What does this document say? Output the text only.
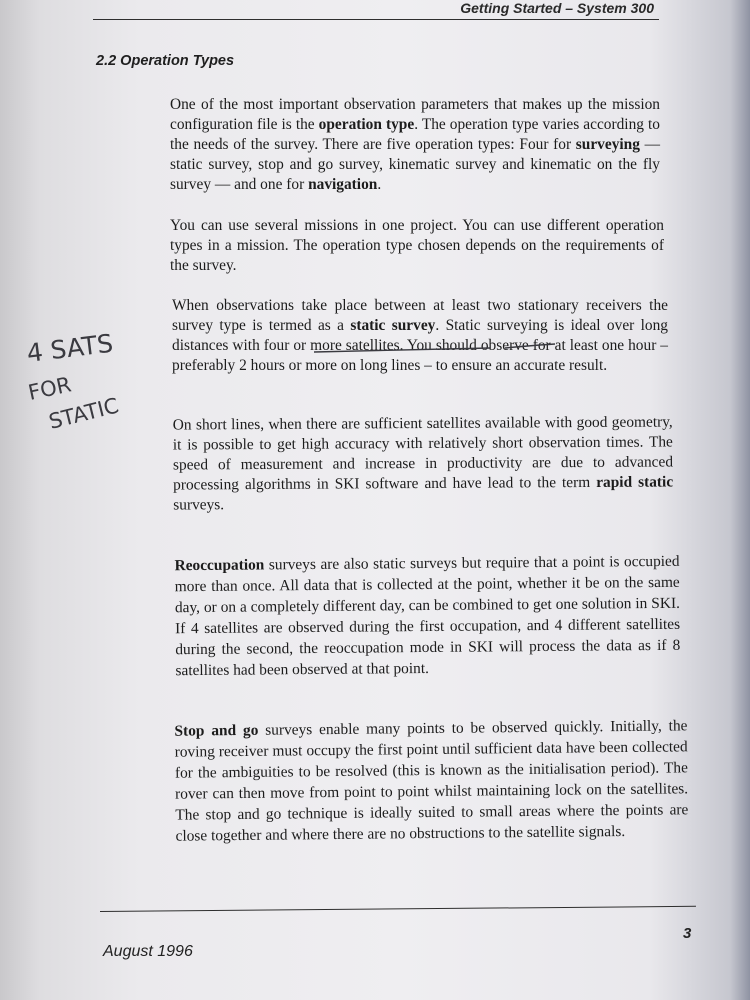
Getting Started – System 300
2.2 Operation Types
One of the most important observation parameters that makes up the mission configuration file is the operation type. The operation type varies according to the needs of the survey. There are five operation types: Four for surveying — static survey, stop and go survey, kinematic survey and kinematic on the fly survey — and one for navigation.
You can use several missions in one project. You can use different operation types in a mission. The operation type chosen depends on the requirements of the survey.
When observations take place between at least two stationary receivers the survey type is termed as a static survey. Static surveying is ideal over long distances with four or more satellites. You should observe for at least one hour – preferably 2 hours or more on long lines – to ensure an accurate result.
On short lines, when there are sufficient satellites available with good geometry, it is possible to get high accuracy with relatively short observation times. The speed of measurement and increase in productivity are due to advanced processing algorithms in SKI software and have lead to the term rapid static surveys.
Reoccupation surveys are also static surveys but require that a point is occupied more than once. All data that is collected at the point, whether it be on the same day, or on a completely different day, can be combined to get one solution in SKI. If 4 satellites are observed during the first occupation, and 4 different satellites during the second, the reoccupation mode in SKI will process the data as if 8 satellites had been observed at that point.
Stop and go surveys enable many points to be observed quickly. Initially, the roving receiver must occupy the first point until sufficient data have been collected for the ambiguities to be resolved (this is known as the initialisation period). The rover can then move from point to point whilst maintaining lock on the satellites. The stop and go technique is ideally suited to small areas where the points are close together and where there are no obstructions to the satellite signals.
4 SATS
FOR
STATIC
3
August 1996
